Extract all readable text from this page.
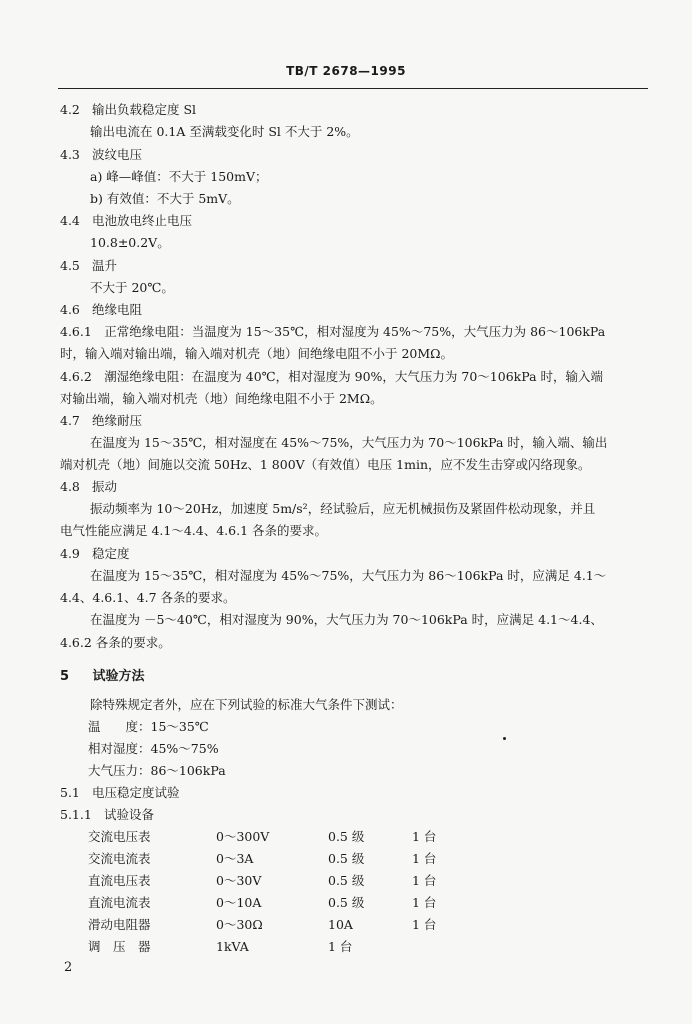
TB/T 2678—1995
4.2 输出负载稳定度 Sl
输出电流在 0.1A 至满载变化时 Sl 不大于 2%。
4.3 波纹电压
a) 峰—峰值：不大于 150mV；
b) 有效值：不大于 5mV。
4.4 电池放电终止电压
10.8±0.2V。
4.5 温升
不大于 20℃。
4.6 绝缘电阻
4.6.1　正常绝缘电阻：当温度为 15～35℃，相对湿度为 45%～75%，大气压力为 86～106kPa
时，输入端对输出端，输入端对机壳（地）间绝缘电阻不小于 20MΩ。
4.6.2　潮湿绝缘电阻：在温度为 40℃，相对湿度为 90%，大气压力为 70～106kPa 时，输入端
对输出端，输入端对机壳（地）间绝缘电阻不小于 2MΩ。
4.7 绝缘耐压
在温度为 15～35℃，相对湿度在 45%～75%，大气压力为 70～106kPa 时，输入端、输出
端对机壳（地）间施以交流 50Hz、1 800V（有效值）电压 1min，应不发生击穿或闪络现象。
4.8 振动
振动频率为 10～20Hz，加速度 5m/s²，经试验后，应无机械损伤及紧固件松动现象，并且
电气性能应满足 4.1～4.4、4.6.1 各条的要求。
4.9 稳定度
在温度为 15～35℃，相对湿度为 45%～75%，大气压力为 86～106kPa 时，应满足 4.1～
4.4、4.6.1、4.7 各条的要求。
在温度为 －5～40℃，相对湿度为 90%，大气压力为 70～106kPa 时，应满足 4.1～4.4、
4.6.2 各条的要求。
5 试验方法
除特殊规定者外，应在下列试验的标准大气条件下测试：
温　　度：15～35℃
相对湿度：45%～75%
大气压力：86～106kPa
5.1 电压稳定度试验
5.1.1 试验设备
交流电压表	0～300V	0.5 级	1 台
交流电流表	0～3A	0.5 级	1 台
直流电压表	0～30V	0.5 级	1 台
直流电流表	0～10A	0.5 级	1 台
滑动电阻器	0～30Ω	10A	1 台
调　压　器	1kVA	1 台
2
